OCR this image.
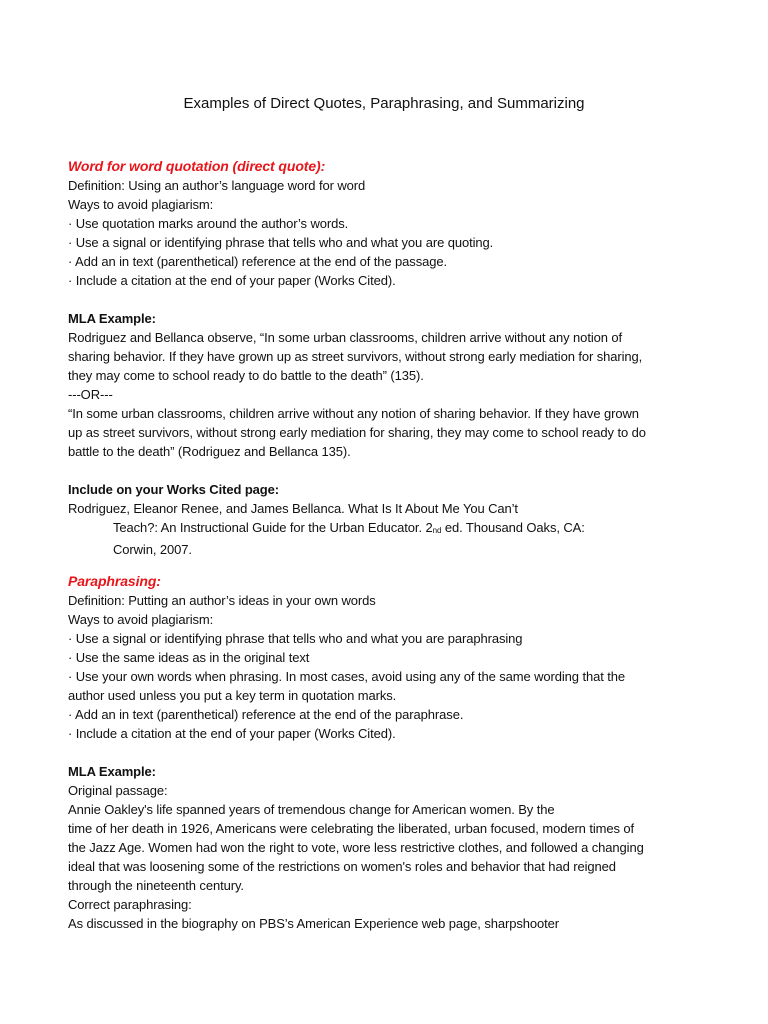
Examples of Direct Quotes, Paraphrasing, and Summarizing
Word for word quotation (direct quote):
Definition: Using an author’s language word for word
Ways to avoid plagiarism:
· Use quotation marks around the author’s words.
· Use a signal or identifying phrase that tells who and what you are quoting.
· Add an in text (parenthetical) reference at the end of the passage.
· Include a citation at the end of your paper (Works Cited).
MLA Example:
Rodriguez and Bellanca observe, “In some urban classrooms, children arrive without any notion of
sharing behavior. If they have grown up as street survivors, without strong early mediation for sharing,
they may come to school ready to do battle to the death” (135).
---OR---
“In some urban classrooms, children arrive without any notion of sharing behavior. If they have grown
up as street survivors, without strong early mediation for sharing, they may come to school ready to do
battle to the death” (Rodriguez and Bellanca 135).
Include on your Works Cited page:
Rodriguez, Eleanor Renee, and James Bellanca. What Is It About Me You Can’t
Teach?: An Instructional Guide for the Urban Educator. 2nd ed. Thousand Oaks, CA:
Corwin, 2007.
Paraphrasing:
Definition: Putting an author’s ideas in your own words
Ways to avoid plagiarism:
· Use a signal or identifying phrase that tells who and what you are paraphrasing
· Use the same ideas as in the original text
· Use your own words when phrasing. In most cases, avoid using any of the same wording that the
author used unless you put a key term in quotation marks.
· Add an in text (parenthetical) reference at the end of the paraphrase.
· Include a citation at the end of your paper (Works Cited).
MLA Example:
Original passage:
Annie Oakley's life spanned years of tremendous change for American women. By the
time of her death in 1926, Americans were celebrating the liberated, urban focused, modern times of
the Jazz Age. Women had won the right to vote, wore less restrictive clothes, and followed a changing
ideal that was loosening some of the restrictions on women's roles and behavior that had reigned
through the nineteenth century.
Correct paraphrasing:
As discussed in the biography on PBS’s American Experience web page, sharpshooter
